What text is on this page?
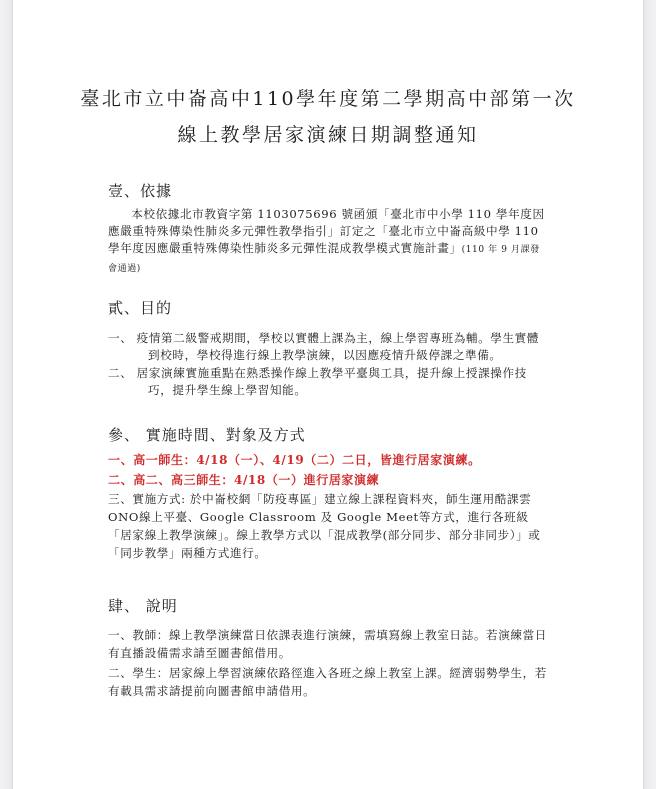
臺北市立中崙高中110學年度第二學期高中部第一次
線上教學居家演練日期調整通知
壹、依據
本校依據北市教資字第 1103075696 號函頒「臺北市中小學 110 學年度因應嚴重特殊傳染性肺炎多元彈性教學指引」訂定之「臺北市立中崙高級中學 110 學年度因應嚴重特殊傳染性肺炎多元彈性混成教學模式實施計畫」(110 年 9 月課發會通過)
貳、目的
一、 疫情第二級警戒期間，學校以實體上課為主，線上學習專班為輔。學生實體到校時，學校得進行線上教學演練，以因應疫情升級停課之準備。
二、 居家演練實施重點在熟悉操作線上教學平臺與工具，提升線上授課操作技巧，提升學生線上學習知能。
參、 實施時間、對象及方式
一、高一師生：4/18（一）、4/19（二）二日，皆進行居家演練。
二、高二、高三師生：4/18（一）進行居家演練
三、實施方式: 於中崙校網「防疫專區」建立線上課程資料夾，師生運用酷課雲ONO線上平臺、Google Classroom 及 Google Meet等方式，進行各班級「居家線上教學演練」。線上教學方式以「混成教學(部分同步、部分非同步）」或「同步教學」兩種方式進行。
肆、 說明
一、教師：線上教學演練當日依課表進行演練，需填寫線上教室日誌。若演練當日有直播設備需求請至圖書館借用。
二、學生：居家線上學習演練依路徑進入各班之線上教室上課。經濟弱勢學生，若有載具需求請提前向圖書館申請借用。
